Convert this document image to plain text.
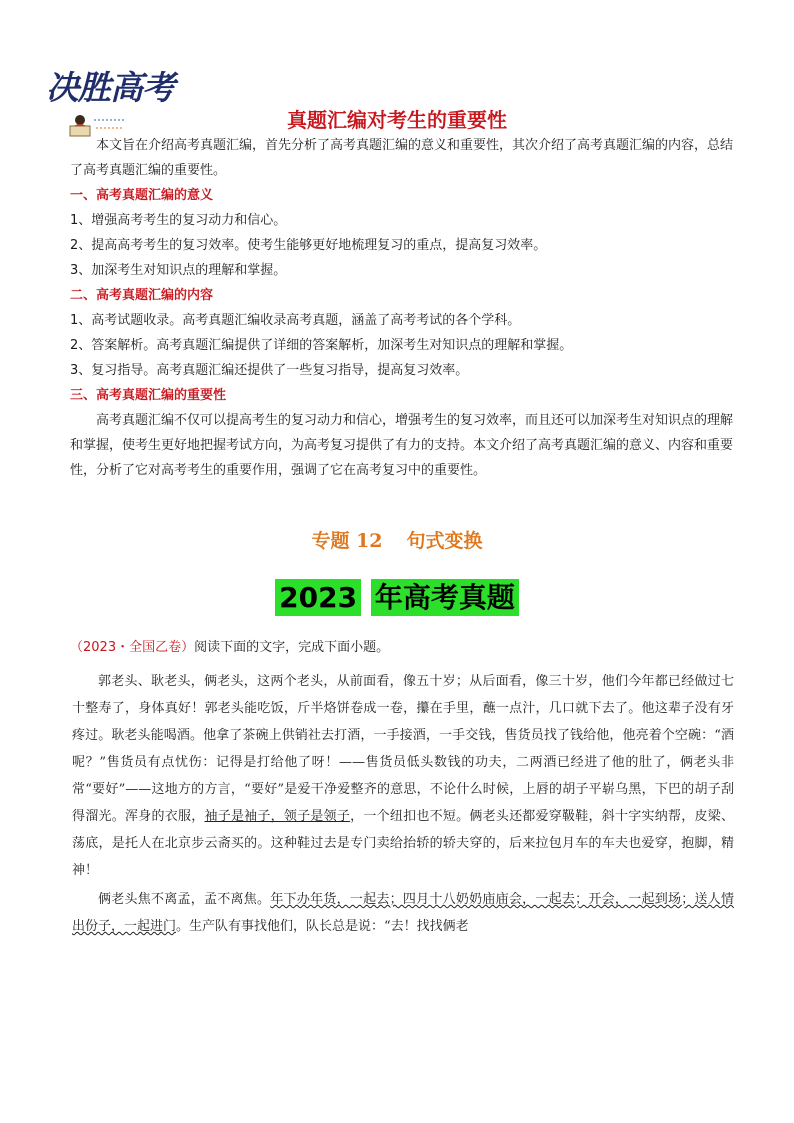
决胜高考
真题汇编对考生的重要性

本文旨在介绍高考真题汇编，首先分析了高考真题汇编的意义和重要性，其次介绍了高考真题汇编的内容，总结了高考真题汇编的重要性。

一、高考真题汇编的意义

1、增强高考考生的复习动力和信心。

2、提高高考考生的复习效率。使考生能够更好地梳理复习的重点，提高复习效率。

3、加深考生对知识点的理解和掌握。

二、高考真题汇编的内容

1、高考试题收录。高考真题汇编收录高考真题，涵盖了高考考试的各个学科。

2、答案解析。高考真题汇编提供了详细的答案解析，加深考生对知识点的理解和掌握。

3、复习指导。高考真题汇编还提供了一些复习指导，提高复习效率。

三、高考真题汇编的重要性

高考真题汇编不仅可以提高考生的复习动力和信心，增强考生的复习效率，而且还可以加深考生对知识点的理解和掌握，使考生更好地把握考试方向，为高考复习提供了有力的支持。本文介绍了高考真题汇编的意义、内容和重要性，分析了它对高考考生的重要作用，强调了它在高考复习中的重要性。

专题 12 句式变换
2023 年高考真题

（2023・全国乙卷）阅读下面的文字，完成下面小题。

郭老头、耿老头，俩老头，这两个老头，从前面看，像五十岁；从后面看，像三十岁，他们今年都已经做过七十整寿了，身体真好！郭老头能吃饭，斤半烙饼卷成一卷，攥在手里，蘸一点汁，几口就下去了。他这辈子没有牙疼过。耿老头能喝酒。他拿了茶碗上供销社去打酒，一手接酒，一手交钱，售货员找了钱给他，他亮着个空碗：“酒呢？”售货员有点忧伤：记得是打给他了呀！——售货员低头数钱的功夫，二两酒已经进了他的肚了，俩老头非常“要好”——这地方的方言，“要好”是爱干净爱整齐的意思，不论什么时候，上唇的胡子平崭乌黑，下巴的胡子刮得溜光。浑身的衣服，袖子是袖子，领子是领子，一个纽扣也不短。俩老头还都爱穿靸鞋，斜十字实纳帮，皮梁、荡底，是托人在北京步云斋买的。这种鞋过去是专门卖给抬轿的轿夫穿的，后来拉包月车的车夫也爱穿，抱脚，精神！

俩老头焦不离孟，孟不离焦。年下办年货，一起去；四月十八奶奶庙庙会，一起去；开会，一起到场；送人情出份子，一起进门。生产队有事找他们，队长总是说：“去！找找俩老
